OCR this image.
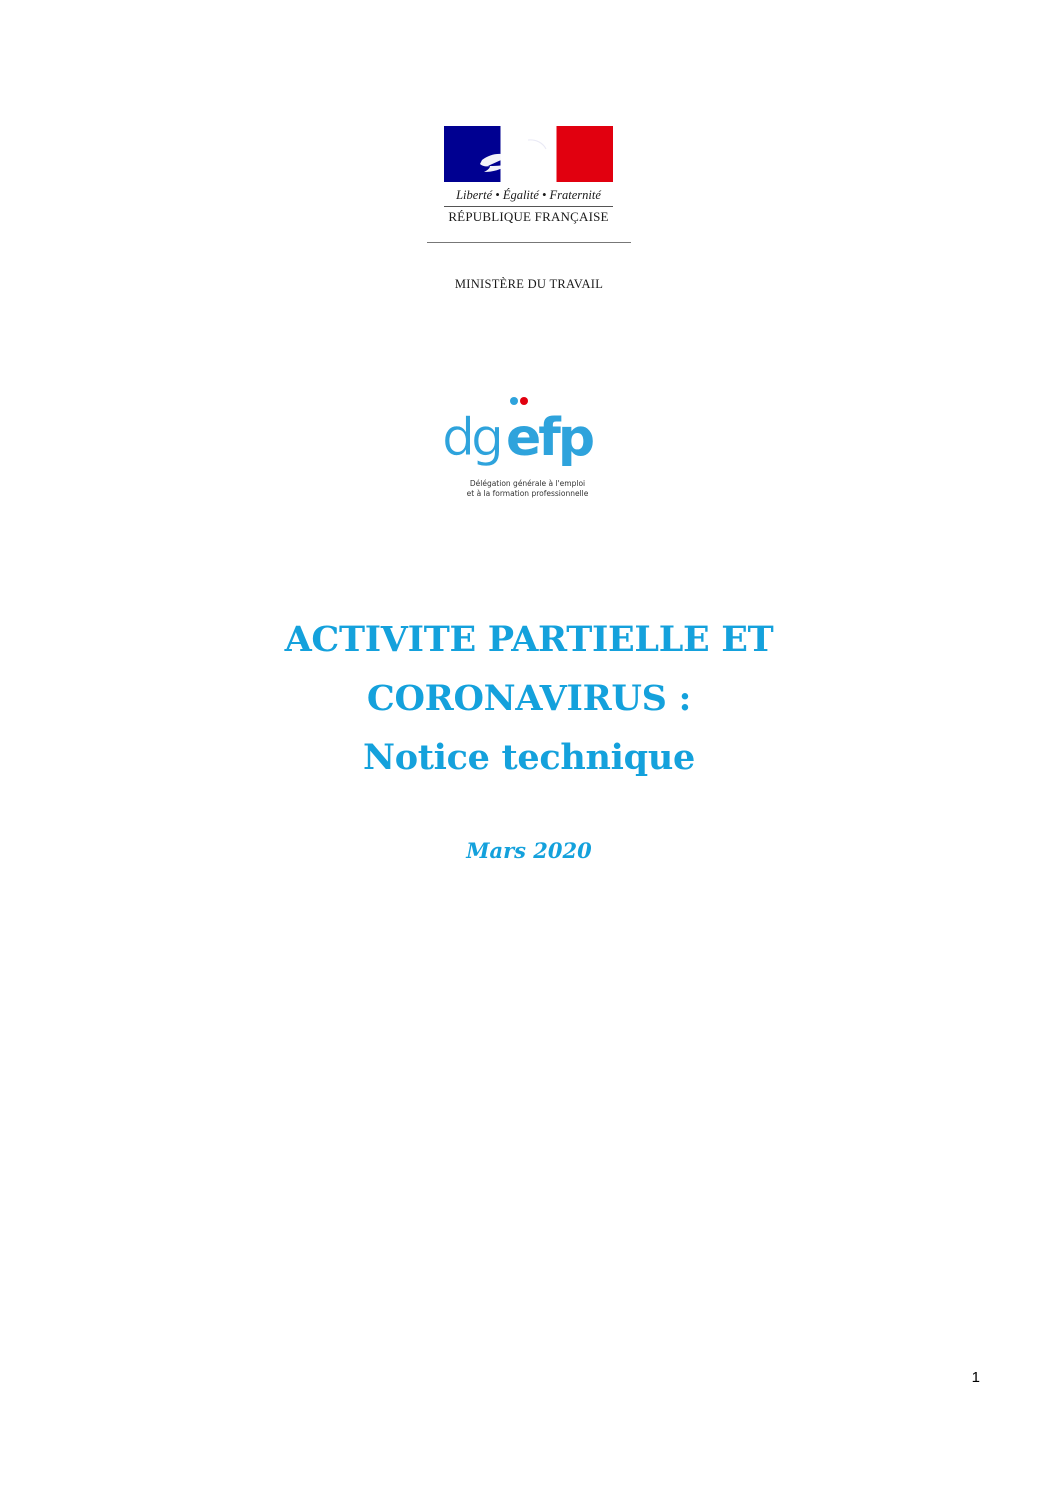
Liberté • Égalité • Fraternité
RÉPUBLIQUE FRANÇAISE
MINISTÈRE DU TRAVAIL
dg efp
Délégation générale à l'emploi
et à la formation professionnelle
ACTIVITE PARTIELLE ET
CORONAVIRUS :
Notice technique
Mars 2020
1
